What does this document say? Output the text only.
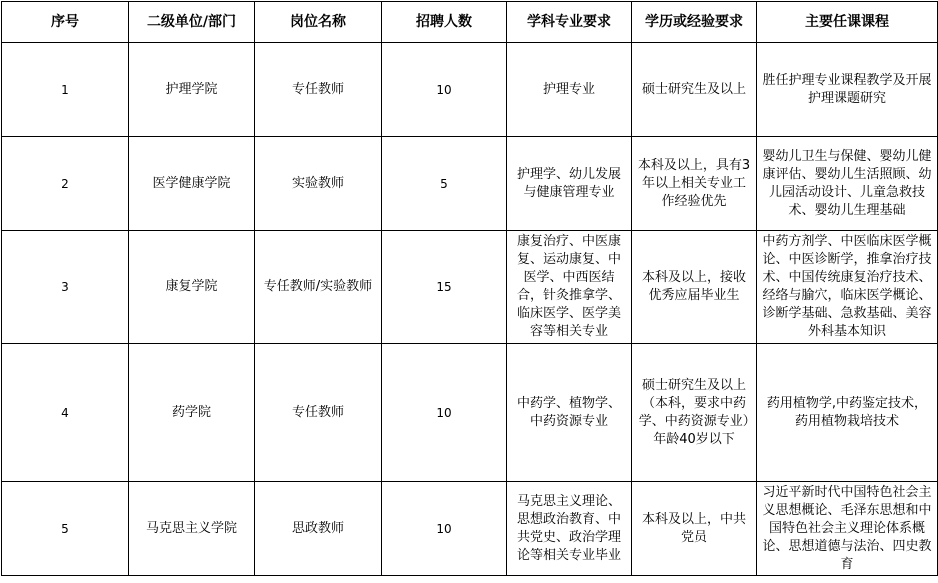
序号	二级单位/部门	岗位名称	招聘人数	学科专业要求	学历或经验要求	主要任课课程
1	护理学院	专任教师	10	护理专业	硕士研究生及以上	胜任护理专业课程教学及开展护理课题研究
2	医学健康学院	实验教师	5	护理学、幼儿发展与健康管理专业	本科及以上，具有3年以上相关专业工作经验优先	婴幼儿卫生与保健、婴幼儿健康评估、婴幼儿生活照顾、幼儿园活动设计、儿童急救技术、婴幼儿生理基础
3	康复学院	专任教师/实验教师	15	康复治疗、中医康复、运动康复、中医学、中西医结合，针灸推拿学、临床医学、医学美容等相关专业	本科及以上，接收优秀应届毕业生	中药方剂学、中医临床医学概论、中医诊断学，推拿治疗技术、中国传统康复治疗技术、经络与腧穴，临床医学概论、诊断学基础、急救基础、美容外科基本知识
4	药学院	专任教师	10	中药学、植物学、中药资源专业	硕士研究生及以上（本科，要求中药学、中药资源专业）年龄40岁以下	药用植物学,中药鉴定技术，药用植物栽培技术
5	马克思主义学院	思政教师	10	马克思主义理论、思想政治教育、中共党史、政治学理论等相关专业毕业	本科及以上，中共党员	习近平新时代中国特色社会主义思想概论、毛泽东思想和中国特色社会主义理论体系概论、思想道德与法治、四史教育
